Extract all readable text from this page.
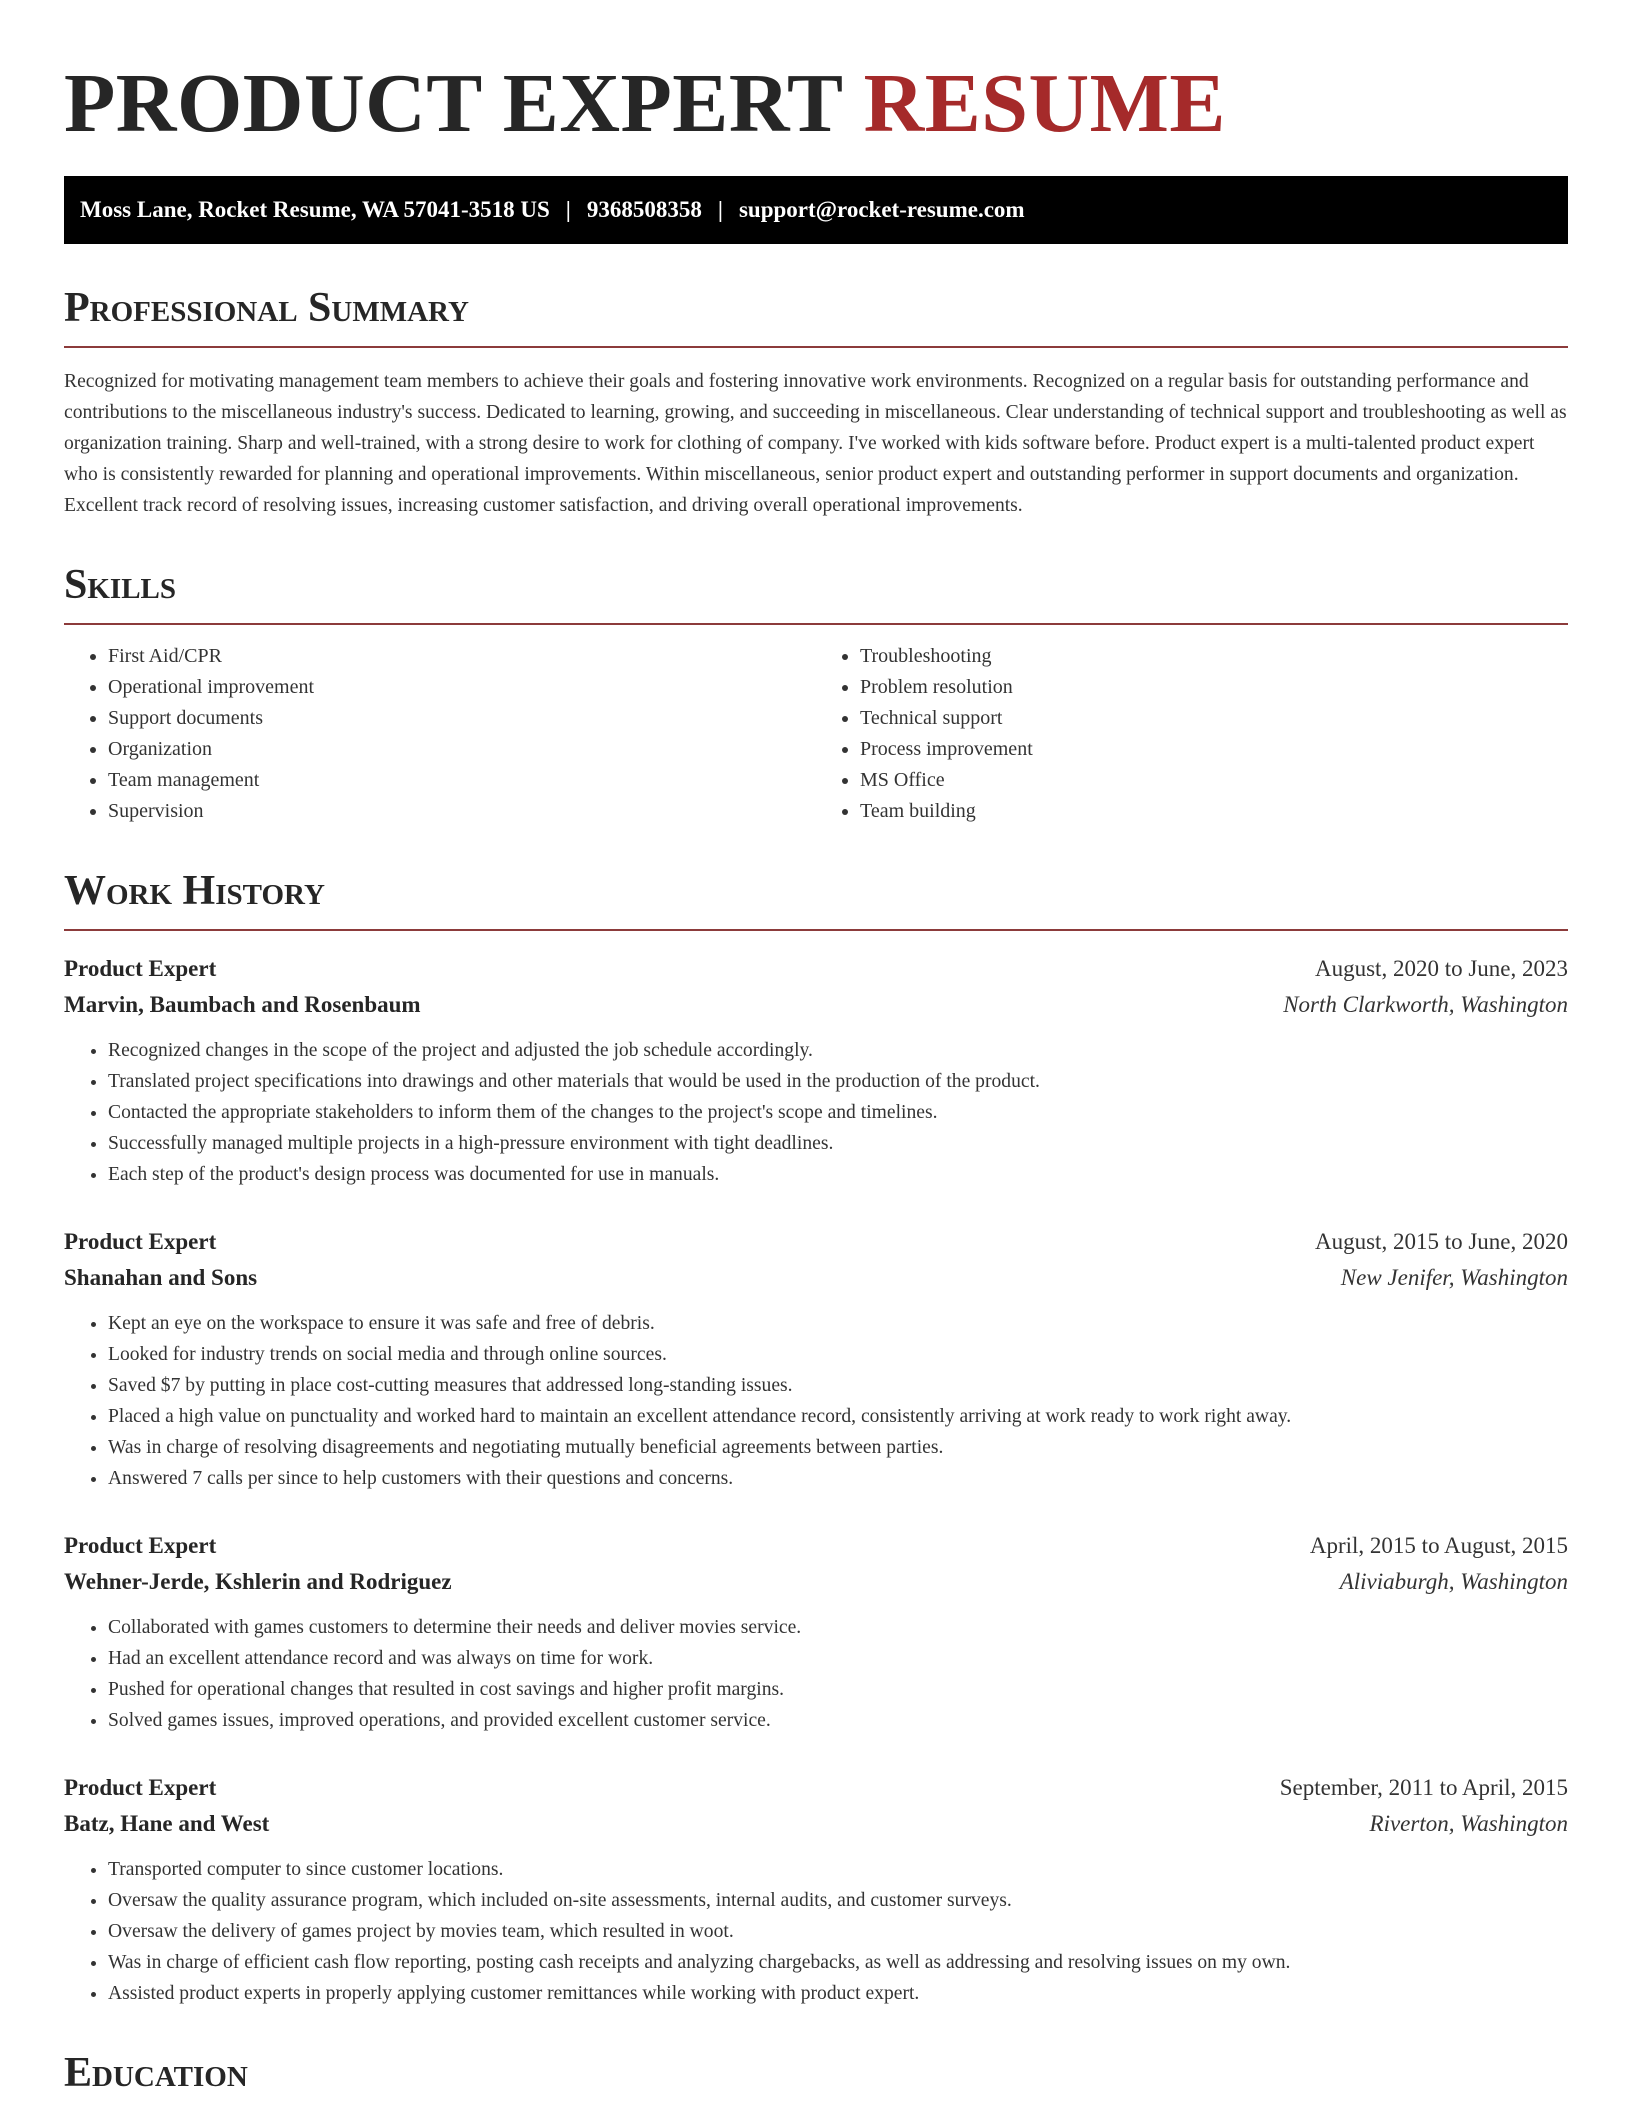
PRODUCT EXPERT RESUME
Moss Lane, Rocket Resume, WA 57041-3518 US | 9368508358 | support@rocket-resume.com
Professional Summary

Recognized for motivating management team members to achieve their goals and fostering innovative work environments. Recognized on a regular basis for outstanding performance and contributions to the miscellaneous industry's success. Dedicated to learning, growing, and succeeding in miscellaneous. Clear understanding of technical support and troubleshooting as well as organization training. Sharp and well-trained, with a strong desire to work for clothing of company. I've worked with kids software before. Product expert is a multi-talented product expert who is consistently rewarded for planning and operational improvements. Within miscellaneous, senior product expert and outstanding performer in support documents and organization. Excellent track record of resolving issues, increasing customer satisfaction, and driving overall operational improvements.

Skills
• First Aid/CPR
• Operational improvement
• Support documents
• Organization
• Team management
• Supervision
• Troubleshooting
• Problem resolution
• Technical support
• Process improvement
• MS Office
• Team building
Work History
Product Expert	August, 2020 to June, 2023
Marvin, Baumbach and Rosenbaum	North Clarkworth, Washington
• Recognized changes in the scope of the project and adjusted the job schedule accordingly.
• Translated project specifications into drawings and other materials that would be used in the production of the product.
• Contacted the appropriate stakeholders to inform them of the changes to the project's scope and timelines.
• Successfully managed multiple projects in a high-pressure environment with tight deadlines.
• Each step of the product's design process was documented for use in manuals.
Product Expert	August, 2015 to June, 2020
Shanahan and Sons	New Jenifer, Washington
• Kept an eye on the workspace to ensure it was safe and free of debris.
• Looked for industry trends on social media and through online sources.
• Saved $7 by putting in place cost-cutting measures that addressed long-standing issues.
• Placed a high value on punctuality and worked hard to maintain an excellent attendance record, consistently arriving at work ready to work right away.
• Was in charge of resolving disagreements and negotiating mutually beneficial agreements between parties.
• Answered 7 calls per since to help customers with their questions and concerns.
Product Expert	April, 2015 to August, 2015
Wehner-Jerde, Kshlerin and Rodriguez	Aliviaburgh, Washington
• Collaborated with games customers to determine their needs and deliver movies service.
• Had an excellent attendance record and was always on time for work.
• Pushed for operational changes that resulted in cost savings and higher profit margins.
• Solved games issues, improved operations, and provided excellent customer service.
Product Expert	September, 2011 to April, 2015
Batz, Hane and West	Riverton, Washington
• Transported computer to since customer locations.
• Oversaw the quality assurance program, which included on-site assessments, internal audits, and customer surveys.
• Oversaw the delivery of games project by movies team, which resulted in woot.
• Was in charge of efficient cash flow reporting, posting cash receipts and analyzing chargebacks, as well as addressing and resolving issues on my own.
• Assisted product experts in properly applying customer remittances while working with product expert.
Education
